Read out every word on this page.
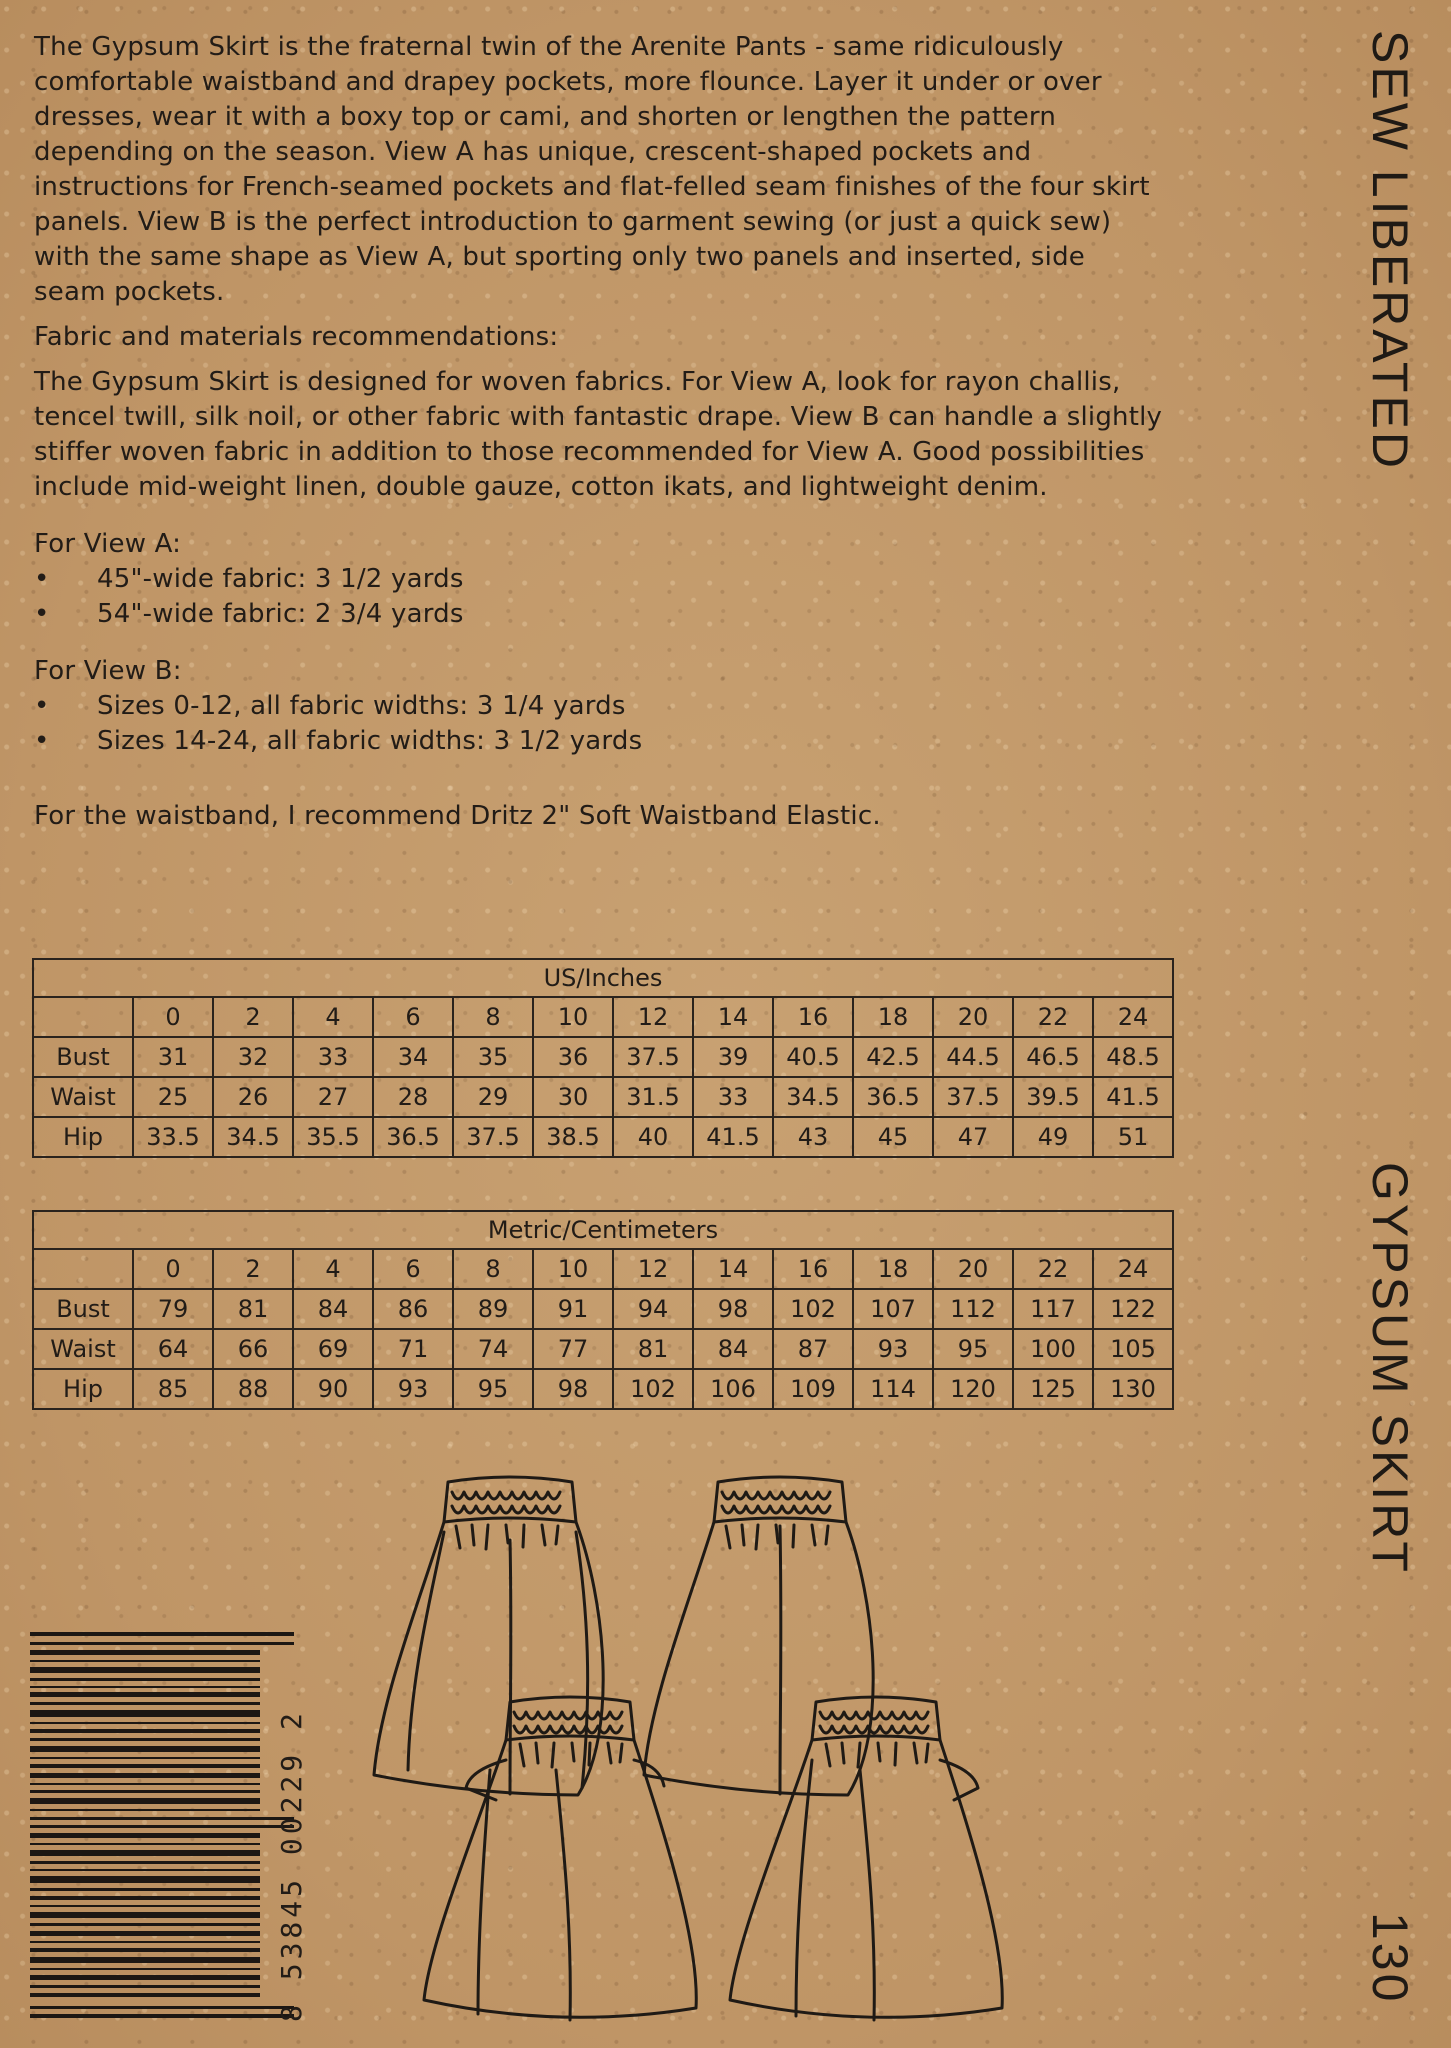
The Gypsum Skirt is the fraternal twin of the Arenite Pants - same ridiculously comfortable waistband and drapey pockets, more flounce. Layer it under or over dresses, wear it with a boxy top or cami, and shorten or lengthen the pattern depending on the season. View A has unique, crescent-shaped pockets and instructions for French-seamed pockets and flat-felled seam finishes of the four skirt panels. View B is the perfect introduction to garment sewing (or just a quick sew) with the same shape as View A, but sporting only two panels and inserted, side seam pockets.

Fabric and materials recommendations:

The Gypsum Skirt is designed for woven fabrics. For View A, look for rayon challis, tencel twill, silk noil, or other fabric with fantastic drape. View B can handle a slightly stiffer woven fabric in addition to those recommended for View A. Good possibilities include mid-weight linen, double gauze, cotton ikats, and lightweight denim.

For View A:

• 45"-wide fabric: 3 1/2 yards
• 54"-wide fabric: 2 3/4 yards

For View B:

• Sizes 0-12, all fabric widths: 3 1/4 yards
• Sizes 14-24, all fabric widths: 3 1/2 yards

For the waistband, I recommend Dritz 2" Soft Waistband Elastic.

SEW LIBERATED
GYPSUM SKIRT
130
US/Inches													
	0	2	4	6	8	10	12	14	16	18	20	22	24
Bust	31	32	33	34	35	36	37.5	39	40.5	42.5	44.5	46.5	48.5
Waist	25	26	27	28	29	30	31.5	33	34.5	36.5	37.5	39.5	41.5
Hip	33.5	34.5	35.5	36.5	37.5	38.5	40	41.5	43	45	47	49	51
Metric/Centimeters													
	0	2	4	6	8	10	12	14	16	18	20	22	24
Bust	79	81	84	86	89	91	94	98	102	107	112	117	122
Waist	64	66	69	71	74	77	81	84	87	93	95	100	105
Hip	85	88	90	93	95	98	102	106	109	114	120	125	130
8 53845 00229 2
